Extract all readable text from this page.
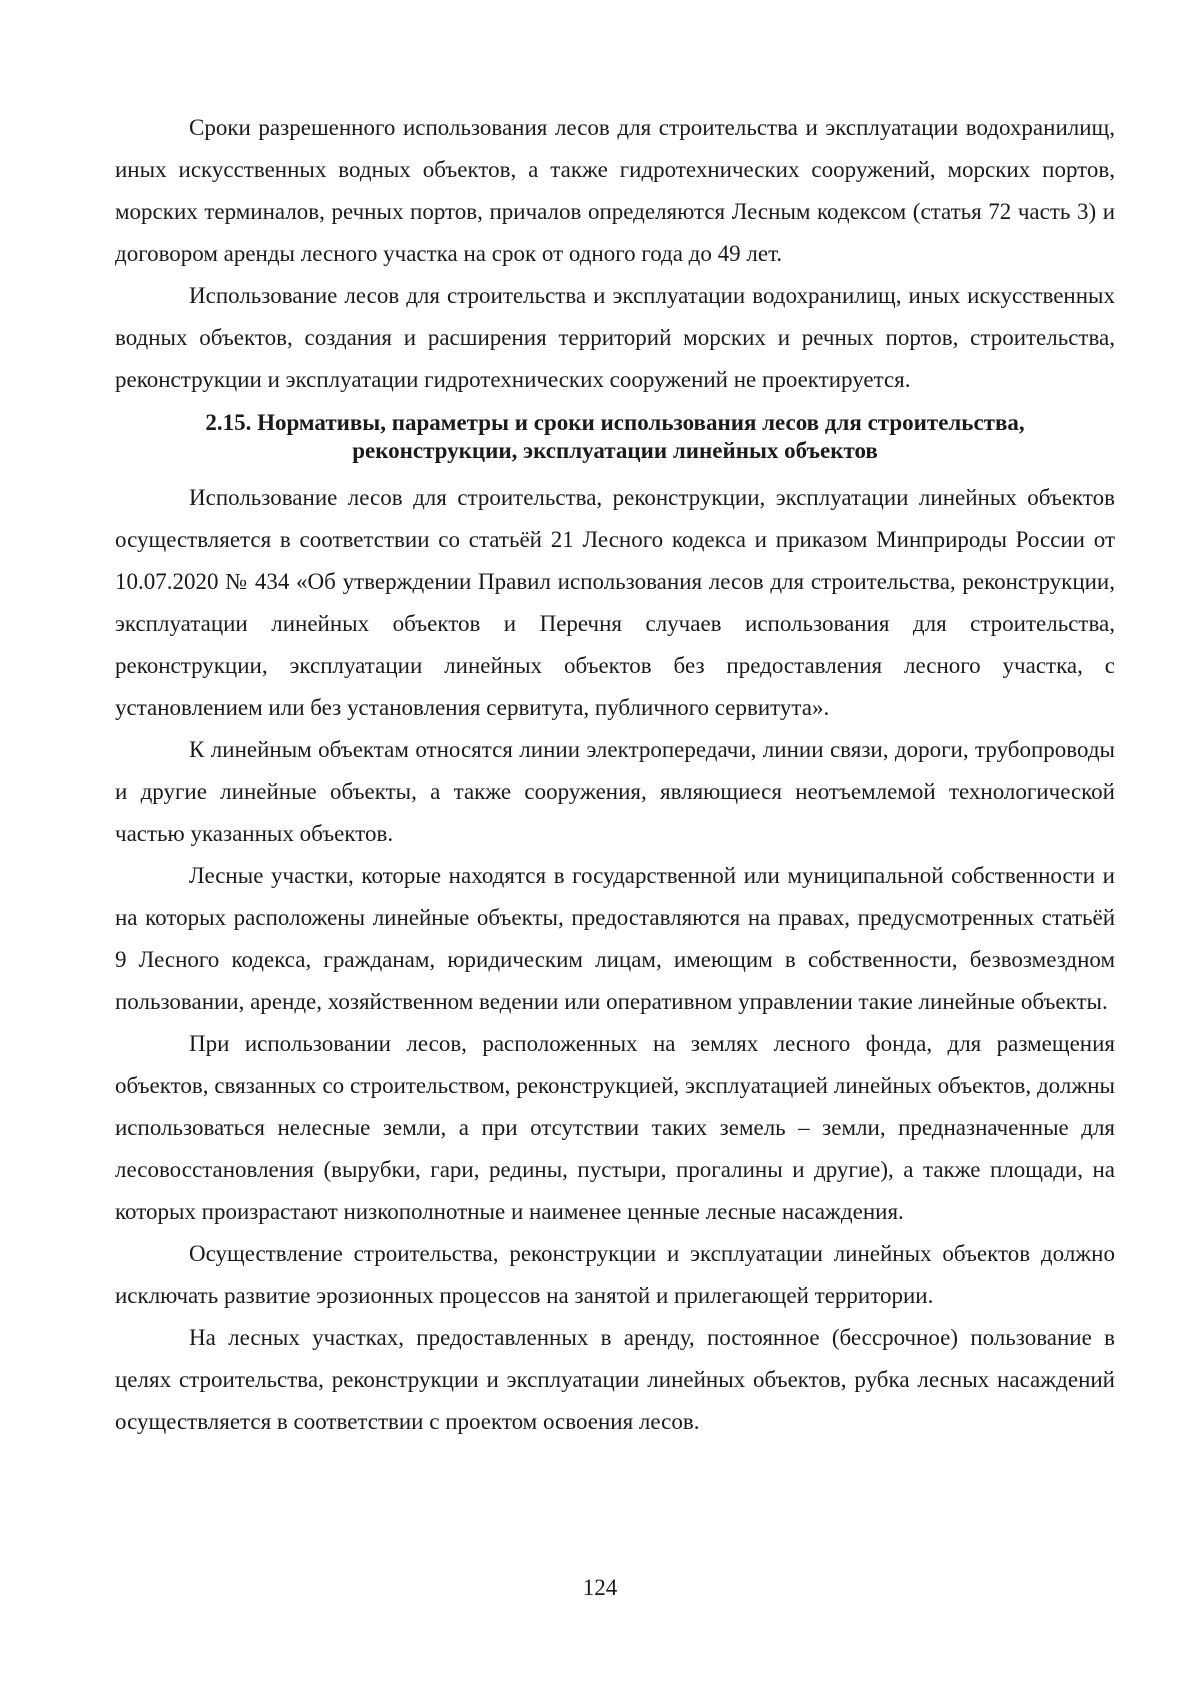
Сроки разрешенного использования лесов для строительства и эксплуатации водохранилищ, иных искусственных водных объектов, а также гидротехнических сооружений, морских портов, морских терминалов, речных портов, причалов определяются Лесным кодексом (статья 72 часть 3) и договором аренды лесного участка на срок от одного года до 49 лет.

Использование лесов для строительства и эксплуатации водохранилищ, иных искусственных водных объектов, создания и расширения территорий морских и речных портов, строительства, реконструкции и эксплуатации гидротехнических сооружений не проектируется.

2.15. Нормативы, параметры и сроки использования лесов для строительства,
реконструкции, эксплуатации линейных объектов

Использование лесов для строительства, реконструкции, эксплуатации линейных объектов осуществляется в соответствии со статьёй 21 Лесного кодекса и приказом Минприроды России от 10.07.2020 № 434 «Об утверждении Правил использования лесов для строительства, реконструкции, эксплуатации линейных объектов и Перечня случаев использования для строительства, реконструкции, эксплуатации линейных объектов без предоставления лесного участка, с установлением или без установления сервитута, публичного сервитута».

К линейным объектам относятся линии электропередачи, линии связи, дороги, трубопроводы и другие линейные объекты, а также сооружения, являющиеся неотъемлемой технологической частью указанных объектов.

Лесные участки, которые находятся в государственной или муниципальной собственности и на которых расположены линейные объекты, предоставляются на правах, предусмотренных статьёй 9 Лесного кодекса, гражданам, юридическим лицам, имеющим в собственности, безвозмездном пользовании, аренде, хозяйственном ведении или оперативном управлении такие линейные объекты.

При использовании лесов, расположенных на землях лесного фонда, для размещения объектов, связанных со строительством, реконструкцией, эксплуатацией линейных объектов, должны использоваться нелесные земли, а при отсутствии таких земель – земли, предназначенные для лесовосстановления (вырубки, гари, редины, пустыри, прогалины и другие), а также площади, на которых произрастают низкополнотные и наименее ценные лесные насаждения.

Осуществление строительства, реконструкции и эксплуатации линейных объектов должно исключать развитие эрозионных процессов на занятой и прилегающей территории.

На лесных участках, предоставленных в аренду, постоянное (бессрочное) пользование в целях строительства, реконструкции и эксплуатации линейных объектов, рубка лесных насаждений осуществляется в соответствии с проектом освоения лесов.

124
